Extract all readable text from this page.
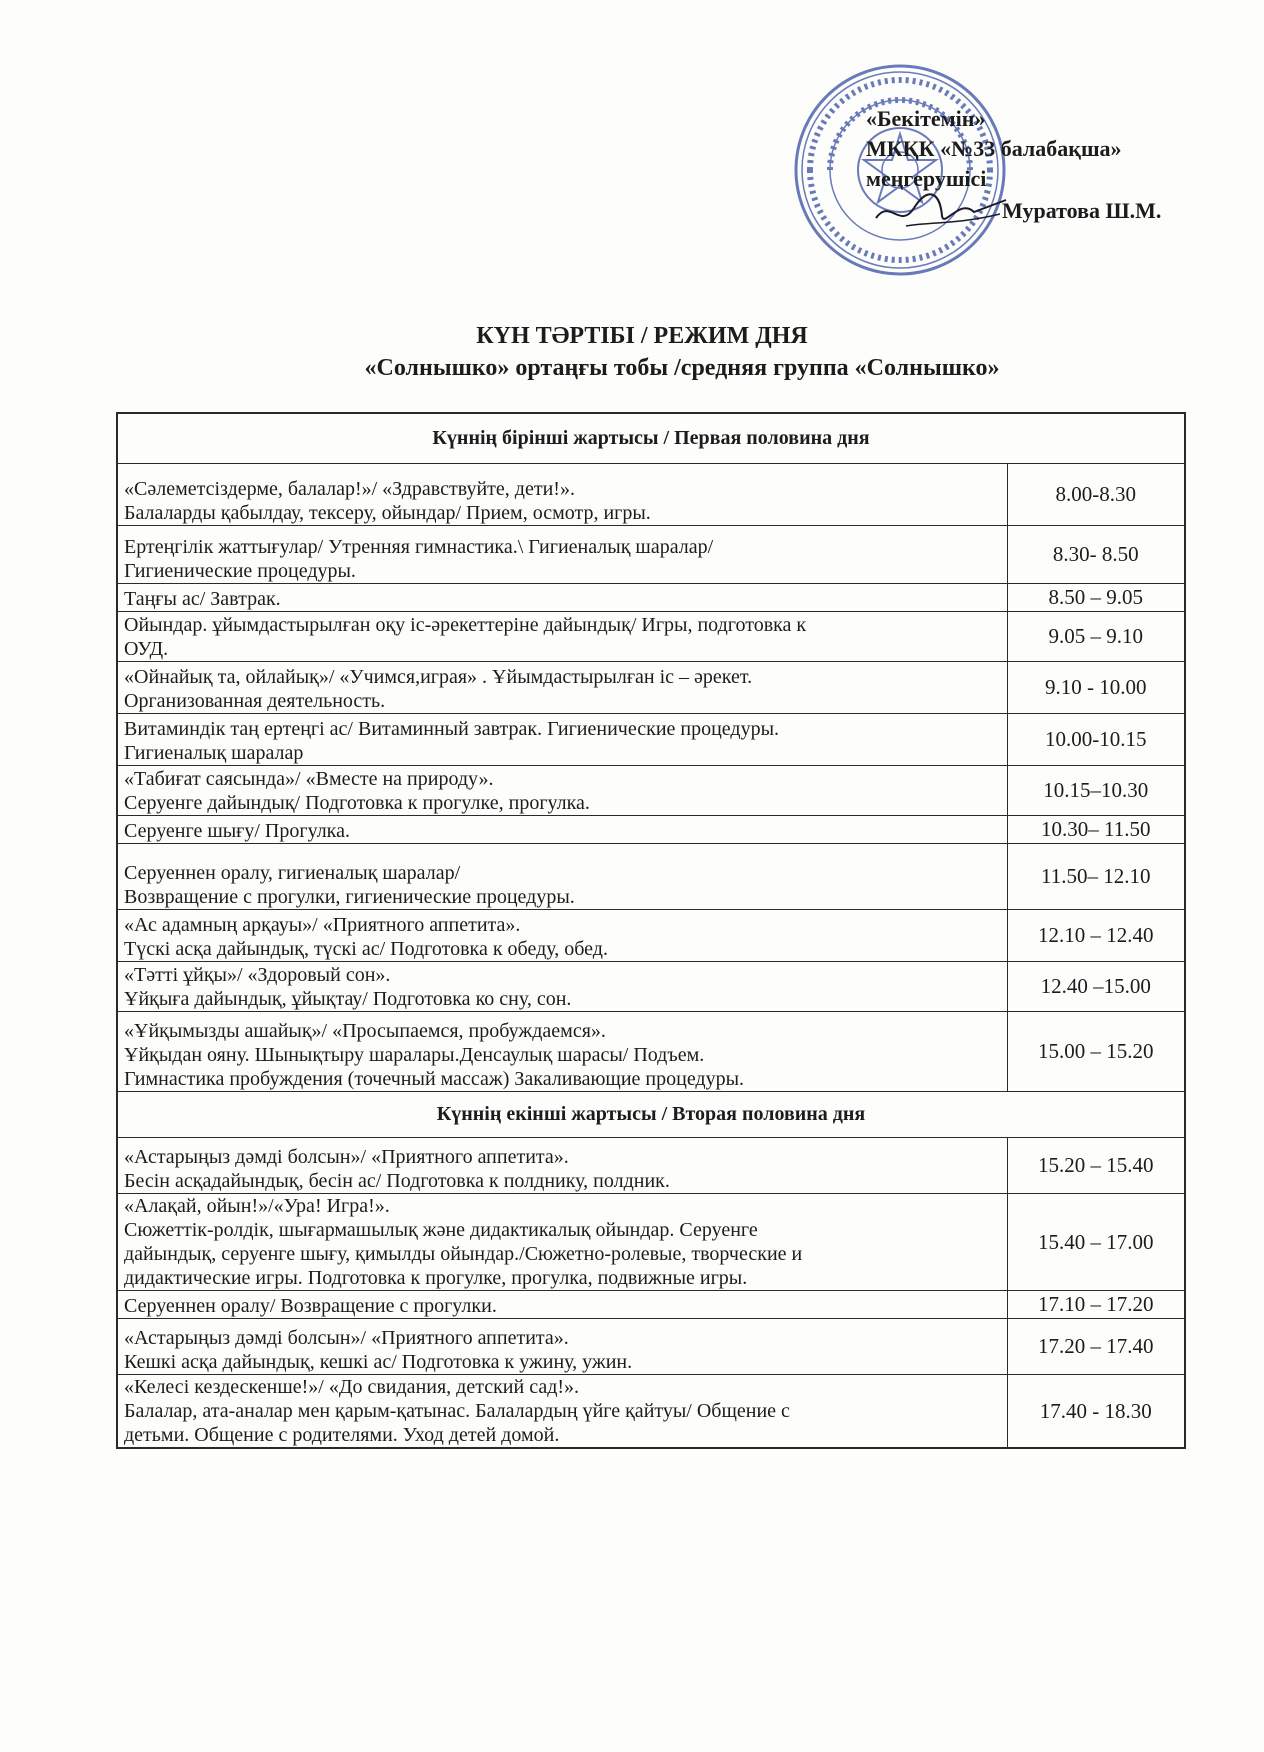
«Бекітемін»
МКҚК «№33 балабақша»
меңгерушісі
Муратова Ш.М.
КҮН ТӘРТІБІ / РЕЖИМ ДНЯ
«Солнышко» ортаңғы тобы /средняя группа «Солнышко»
Күннің бірінші жартысы / Первая половина дня	

«Сәлеметсіздерме, балалар!»/ «Здравствуйте, дети!».
Балаларды қабылдау, тексеру, ойындар/ Прием, осмотр, игры.	8.00-8.30

Ертеңгілік жаттығулар/ Утренняя гимнастика.\ Гигиеналық шаралар/
Гигиенические процедуры.	8.30- 8.50

Таңғы ас/ Завтрак.	8.50 – 9.05

Ойындар. ұйымдастырылған оқу іс-әрекеттеріне дайындық/ Игры, подготовка к
ОУД.	9.05 – 9.10

«Ойнайық та, ойлайық»/ «Учимся,играя» . Ұйымдастырылған іс – әрекет.
Организованная деятельность.	9.10 - 10.00

Витаминдік таң ертеңгі ас/ Витаминный завтрак. Гигиенические процедуры.
Гигиеналық шаралар	10.00-10.15

«Табиғат саясында»/ «Вместе на природу».
Серуенге дайындық/ Подготовка к прогулке, прогулка.	10.15–10.30

Серуенге шығу/ Прогулка.	10.30– 11.50

Серуеннен оралу, гигиеналық шаралар/
Возвращение с прогулки, гигиенические процедуры.	11.50– 12.10

«Ас адамның арқауы»/ «Приятного аппетита».
Түскі асқа дайындық, түскі ас/ Подготовка к обеду, обед.	12.10 – 12.40

«Тәтті ұйқы»/ «Здоровый сон».
Ұйқыға дайындық, ұйықтау/ Подготовка ко сну, сон.	12.40 –15.00

«Ұйқымызды ашайық»/ «Просыпаемся, пробуждаемся».
Ұйқыдан ояну. Шынықтыру шаралары.Денсаулық шарасы/ Подъем.
Гимнастика пробуждения (точечный массаж) Закаливающие процедуры.	15.00 – 15.20
Күннің екінші жартысы / Вторая половина дня	

«Астарыңыз дәмді болсын»/ «Приятного аппетита».
Бесін асқадайындық, бесін ас/ Подготовка к полднику, полдник.	15.20 – 15.40

«Алақай, ойын!»/«Ура! Игра!».
Сюжеттік-ролдік, шығармашылық және дидактикалық ойындар. Серуенге
дайындық, серуенге шығу, қимылды ойындар./Сюжетно-ролевые, творческие и
дидактические игры. Подготовка к прогулке, прогулка, подвижные игры.	15.40 – 17.00

Серуеннен оралу/ Возвращение с прогулки.	17.10 – 17.20

«Астарыңыз дәмді болсын»/ «Приятного аппетита».
Кешкі асқа дайындық, кешкі ас/ Подготовка к ужину, ужин.	17.20 – 17.40

«Келесі кездескенше!»/ «До свидания, детский сад!».
Балалар, ата-аналар мен қарым-қатынас. Балалардың үйге қайтуы/ Общение с
детьми. Общение с родителями. Уход детей домой.	17.40 - 18.30
